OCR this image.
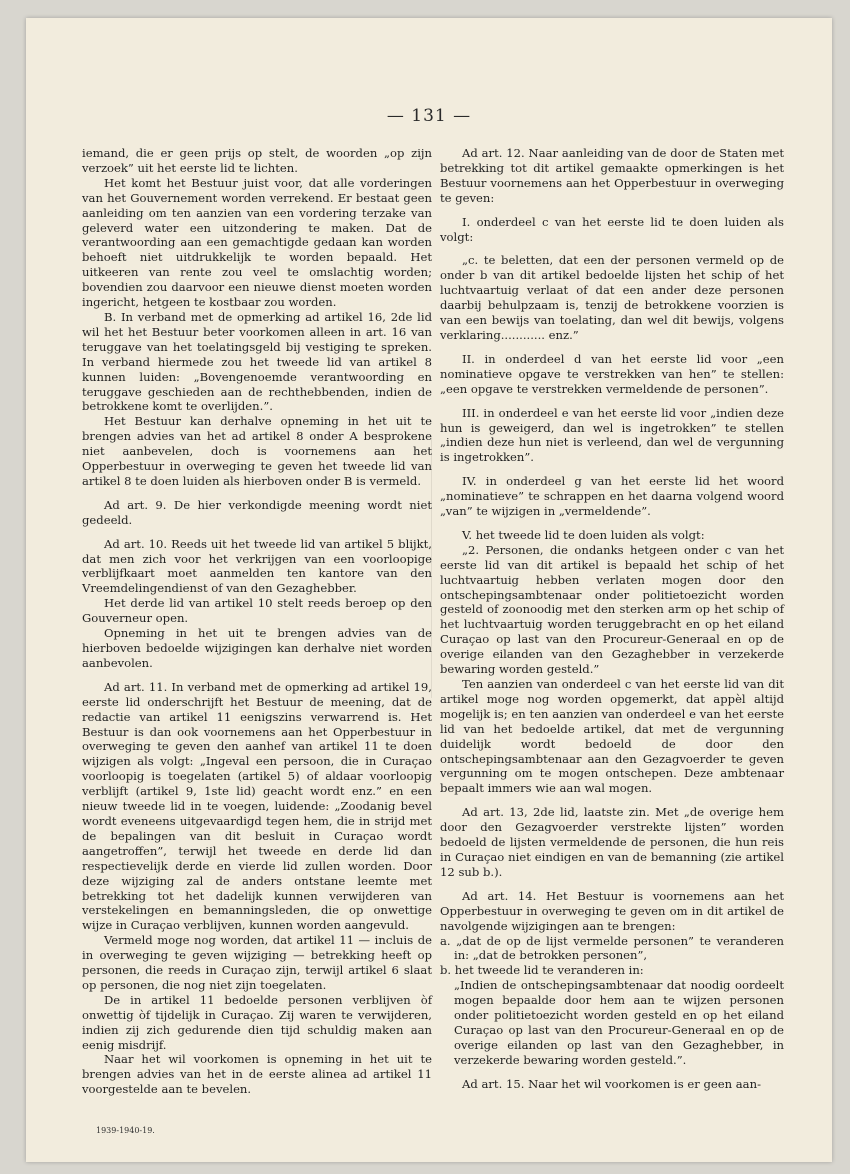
— 131 —

iemand, die er geen prijs op stelt, de woorden „op zijn verzoek” uit het eerste lid te lichten.

Het komt het Bestuur juist voor, dat alle vorderingen van het Gouvernement worden verrekend. Er bestaat geen aanleiding om ten aanzien van een vordering terzake van geleverd water een uitzondering te maken. Dat de verantwoording aan een gemachtigde gedaan kan worden behoeft niet uitdrukkelijk te worden bepaald. Het uitkeeren van rente zou veel te omslachtig worden; bovendien zou daarvoor een nieuwe dienst moeten worden ingericht, hetgeen te kostbaar zou worden.

B. In verband met de opmerking ad artikel 16, 2de lid wil het het Bestuur beter voorkomen alleen in art. 16 van teruggave van het toelatingsgeld bij vestiging te spreken. In verband hiermede zou het tweede lid van artikel 8 kunnen luiden: „Bovengenoemde verantwoording en teruggave geschieden aan de rechthebbenden, indien de betrokkene komt te overlijden.”.

Het Bestuur kan derhalve opneming in het uit te brengen advies van het ad artikel 8 onder A besprokene niet aanbevelen, doch is voornemens aan het Opperbestuur in overweging te geven het tweede lid van artikel 8 te doen luiden als hierboven onder B is vermeld.

Ad art. 9. De hier verkondigde meening wordt niet gedeeld.

Ad art. 10. Reeds uit het tweede lid van artikel 5 blijkt, dat men zich voor het verkrijgen van een voorloopige verblijfkaart moet aanmelden ten kantore van den Vreemdelingendienst of van den Gezaghebber.

Het derde lid van artikel 10 stelt reeds beroep op den Gouverneur open.

Opneming in het uit te brengen advies van de hierboven bedoelde wijzigingen kan derhalve niet worden aanbevolen.

Ad art. 11. In verband met de opmerking ad artikel 19, eerste lid onderschrijft het Bestuur de meening, dat de redactie van artikel 11 eenigszins verwarrend is. Het Bestuur is dan ook voornemens aan het Opperbestuur in overweging te geven den aanhef van artikel 11 te doen wijzigen als volgt: „Ingeval een persoon, die in Curaçao voorloopig is toegelaten (artikel 5) of aldaar voorloopig verblijft (artikel 9, 1ste lid) geacht wordt enz.” en een nieuw tweede lid in te voegen, luidende: „Zoodanig bevel wordt eveneens uitgevaardigd tegen hem, die in strijd met de bepalingen van dit besluit in Curaçao wordt aangetroffen”, terwijl het tweede en derde lid dan respectievelijk derde en vierde lid zullen worden. Door deze wijziging zal de anders ontstane leemte met betrekking tot het dadelijk kunnen verwijderen van verstekelingen en bemanningsleden, die op onwettige wijze in Curaçao verblijven, kunnen worden aangevuld.

Vermeld moge nog worden, dat artikel 11 — incluis de in overweging te geven wijziging — betrekking heeft op personen, die reeds in Curaçao zijn, terwijl artikel 6 slaat op personen, die nog niet zijn toegelaten.

De in artikel 11 bedoelde personen verblijven òf onwettig òf tijdelijk in Curaçao. Zij waren te verwijderen, indien zij zich gedurende dien tijd schuldig maken aan eenig misdrijf.

Naar het wil voorkomen is opneming in het uit te brengen advies van het in de eerste alinea ad artikel 11 voorgestelde aan te bevelen.

Ad art. 12. Naar aanleiding van de door de Staten met betrekking tot dit artikel gemaakte opmerkingen is het Bestuur voornemens aan het Opperbestuur in overweging te geven:

I. onderdeel c van het eerste lid te doen luiden als volgt:

„c. te beletten, dat een der personen vermeld op de onder b van dit artikel bedoelde lijsten het schip of het luchtvaartuig verlaat of dat een ander deze personen daarbij behulpzaam is, tenzij de betrokkene voorzien is van een bewijs van toelating, dan wel dit bewijs, volgens verklaring............ enz.”

II. in onderdeel d van het eerste lid voor „een nominatieve opgave te verstrekken van hen” te stellen: „een opgave te verstrekken vermeldende de personen”.

III. in onderdeel e van het eerste lid voor „indien deze hun is geweigerd, dan wel is ingetrokken” te stellen „indien deze hun niet is verleend, dan wel de vergunning is ingetrokken”.

IV. in onderdeel g van het eerste lid het woord „nominatieve” te schrappen en het daarna volgend woord „van” te wijzigen in „vermeldende”.

V. het tweede lid te doen luiden als volgt:

„2. Personen, die ondanks hetgeen onder c van het eerste lid van dit artikel is bepaald het schip of het luchtvaartuig hebben verlaten mogen door den ontschepingsambtenaar onder politietoezicht worden gesteld of zoonoodig met den sterken arm op het schip of het luchtvaartuig worden teruggebracht en op het eiland Curaçao op last van den Procureur-Generaal en op de overige eilanden van den Gezaghebber in verzekerde bewaring worden gesteld.”

Ten aanzien van onderdeel c van het eerste lid van dit artikel moge nog worden opgemerkt, dat appèl altijd mogelijk is; en ten aanzien van onderdeel e van het eerste lid van het bedoelde artikel, dat met de vergunning duidelijk wordt bedoeld de door den ontschepingsambtenaar aan den Gezagvoerder te geven vergunning om te mogen ontschepen. Deze ambtenaar bepaalt immers wie aan wal mogen.

Ad art. 13, 2de lid, laatste zin. Met „de overige hem door den Gezagvoerder verstrekte lijsten” worden bedoeld de lijsten vermeldende de personen, die hun reis in Curaçao niet eindigen en van de bemanning (zie artikel 12 sub b.).

Ad art. 14. Het Bestuur is voornemens aan het Opperbestuur in overweging te geven om in dit artikel de navolgende wijzigingen aan te brengen:

a. „dat de op de lijst vermelde personen” te veranderen in: „dat de betrokken personen”,

b. het tweede lid te veranderen in:

„Indien de ontschepingsambtenaar dat noodig oordeelt mogen bepaalde door hem aan te wijzen personen onder politietoezicht worden gesteld en op het eiland Curaçao op last van den Procureur-Generaal en op de overige eilanden op last van den Gezaghebber, in verzekerde bewaring worden gesteld.”.

Ad art. 15. Naar het wil voorkomen is er geen aan-

1939-1940-19.
